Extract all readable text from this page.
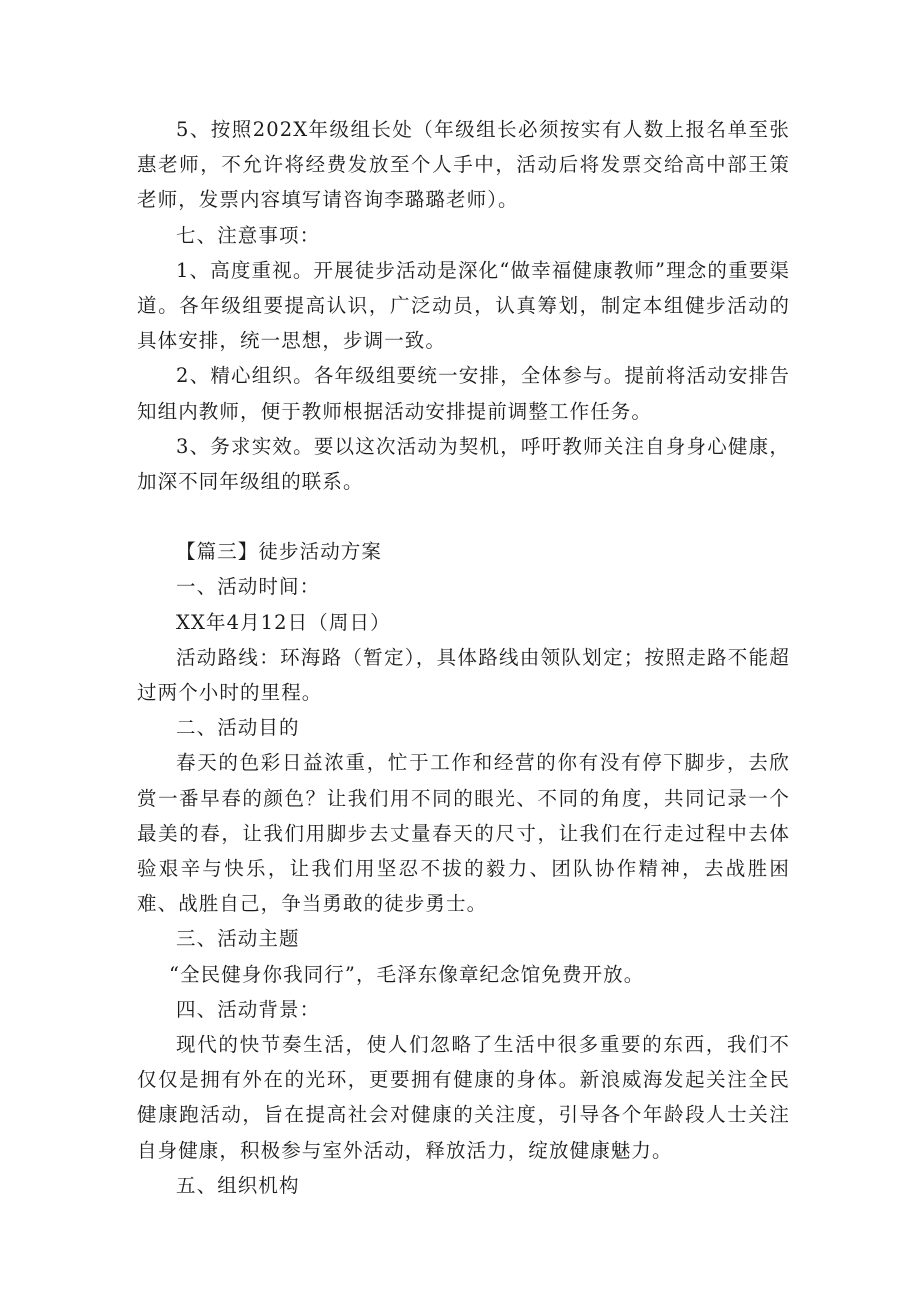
5、按照202X年级组长处（年级组长必须按实有人数上报名单至张惠老师，不允许将经费发放至个人手中，活动后将发票交给高中部王策老师，发票内容填写请咨询李璐璐老师）。

七、注意事项：

1、高度重视。开展徒步活动是深化“做幸福健康教师”理念的重要渠道。各年级组要提高认识，广泛动员，认真筹划，制定本组健步活动的具体安排，统一思想，步调一致。

2、精心组织。各年级组要统一安排，全体参与。提前将活动安排告知组内教师，便于教师根据活动安排提前调整工作任务。

3、务求实效。要以这次活动为契机，呼吁教师关注自身身心健康，加深不同年级组的联系。

【篇三】徒步活动方案

一、活动时间：

XX年4月12日（周日）

活动路线：环海路（暂定），具体路线由领队划定；按照走路不能超过两个小时的里程。

二、活动目的

春天的色彩日益浓重，忙于工作和经营的你有没有停下脚步，去欣赏一番早春的颜色？让我们用不同的眼光、不同的角度，共同记录一个最美的春，让我们用脚步去丈量春天的尺寸，让我们在行走过程中去体验艰辛与快乐，让我们用坚忍不拔的毅力、团队协作精神，去战胜困难、战胜自己，争当勇敢的徒步勇士。

三、活动主题

“全民健身你我同行”，毛泽东像章纪念馆免费开放。

四、活动背景：

现代的快节奏生活，使人们忽略了生活中很多重要的东西，我们不仅仅是拥有外在的光环，更要拥有健康的身体。新浪威海发起关注全民健康跑活动，旨在提高社会对健康的关注度，引导各个年龄段人士关注自身健康，积极参与室外活动，释放活力，绽放健康魅力。

五、组织机构
